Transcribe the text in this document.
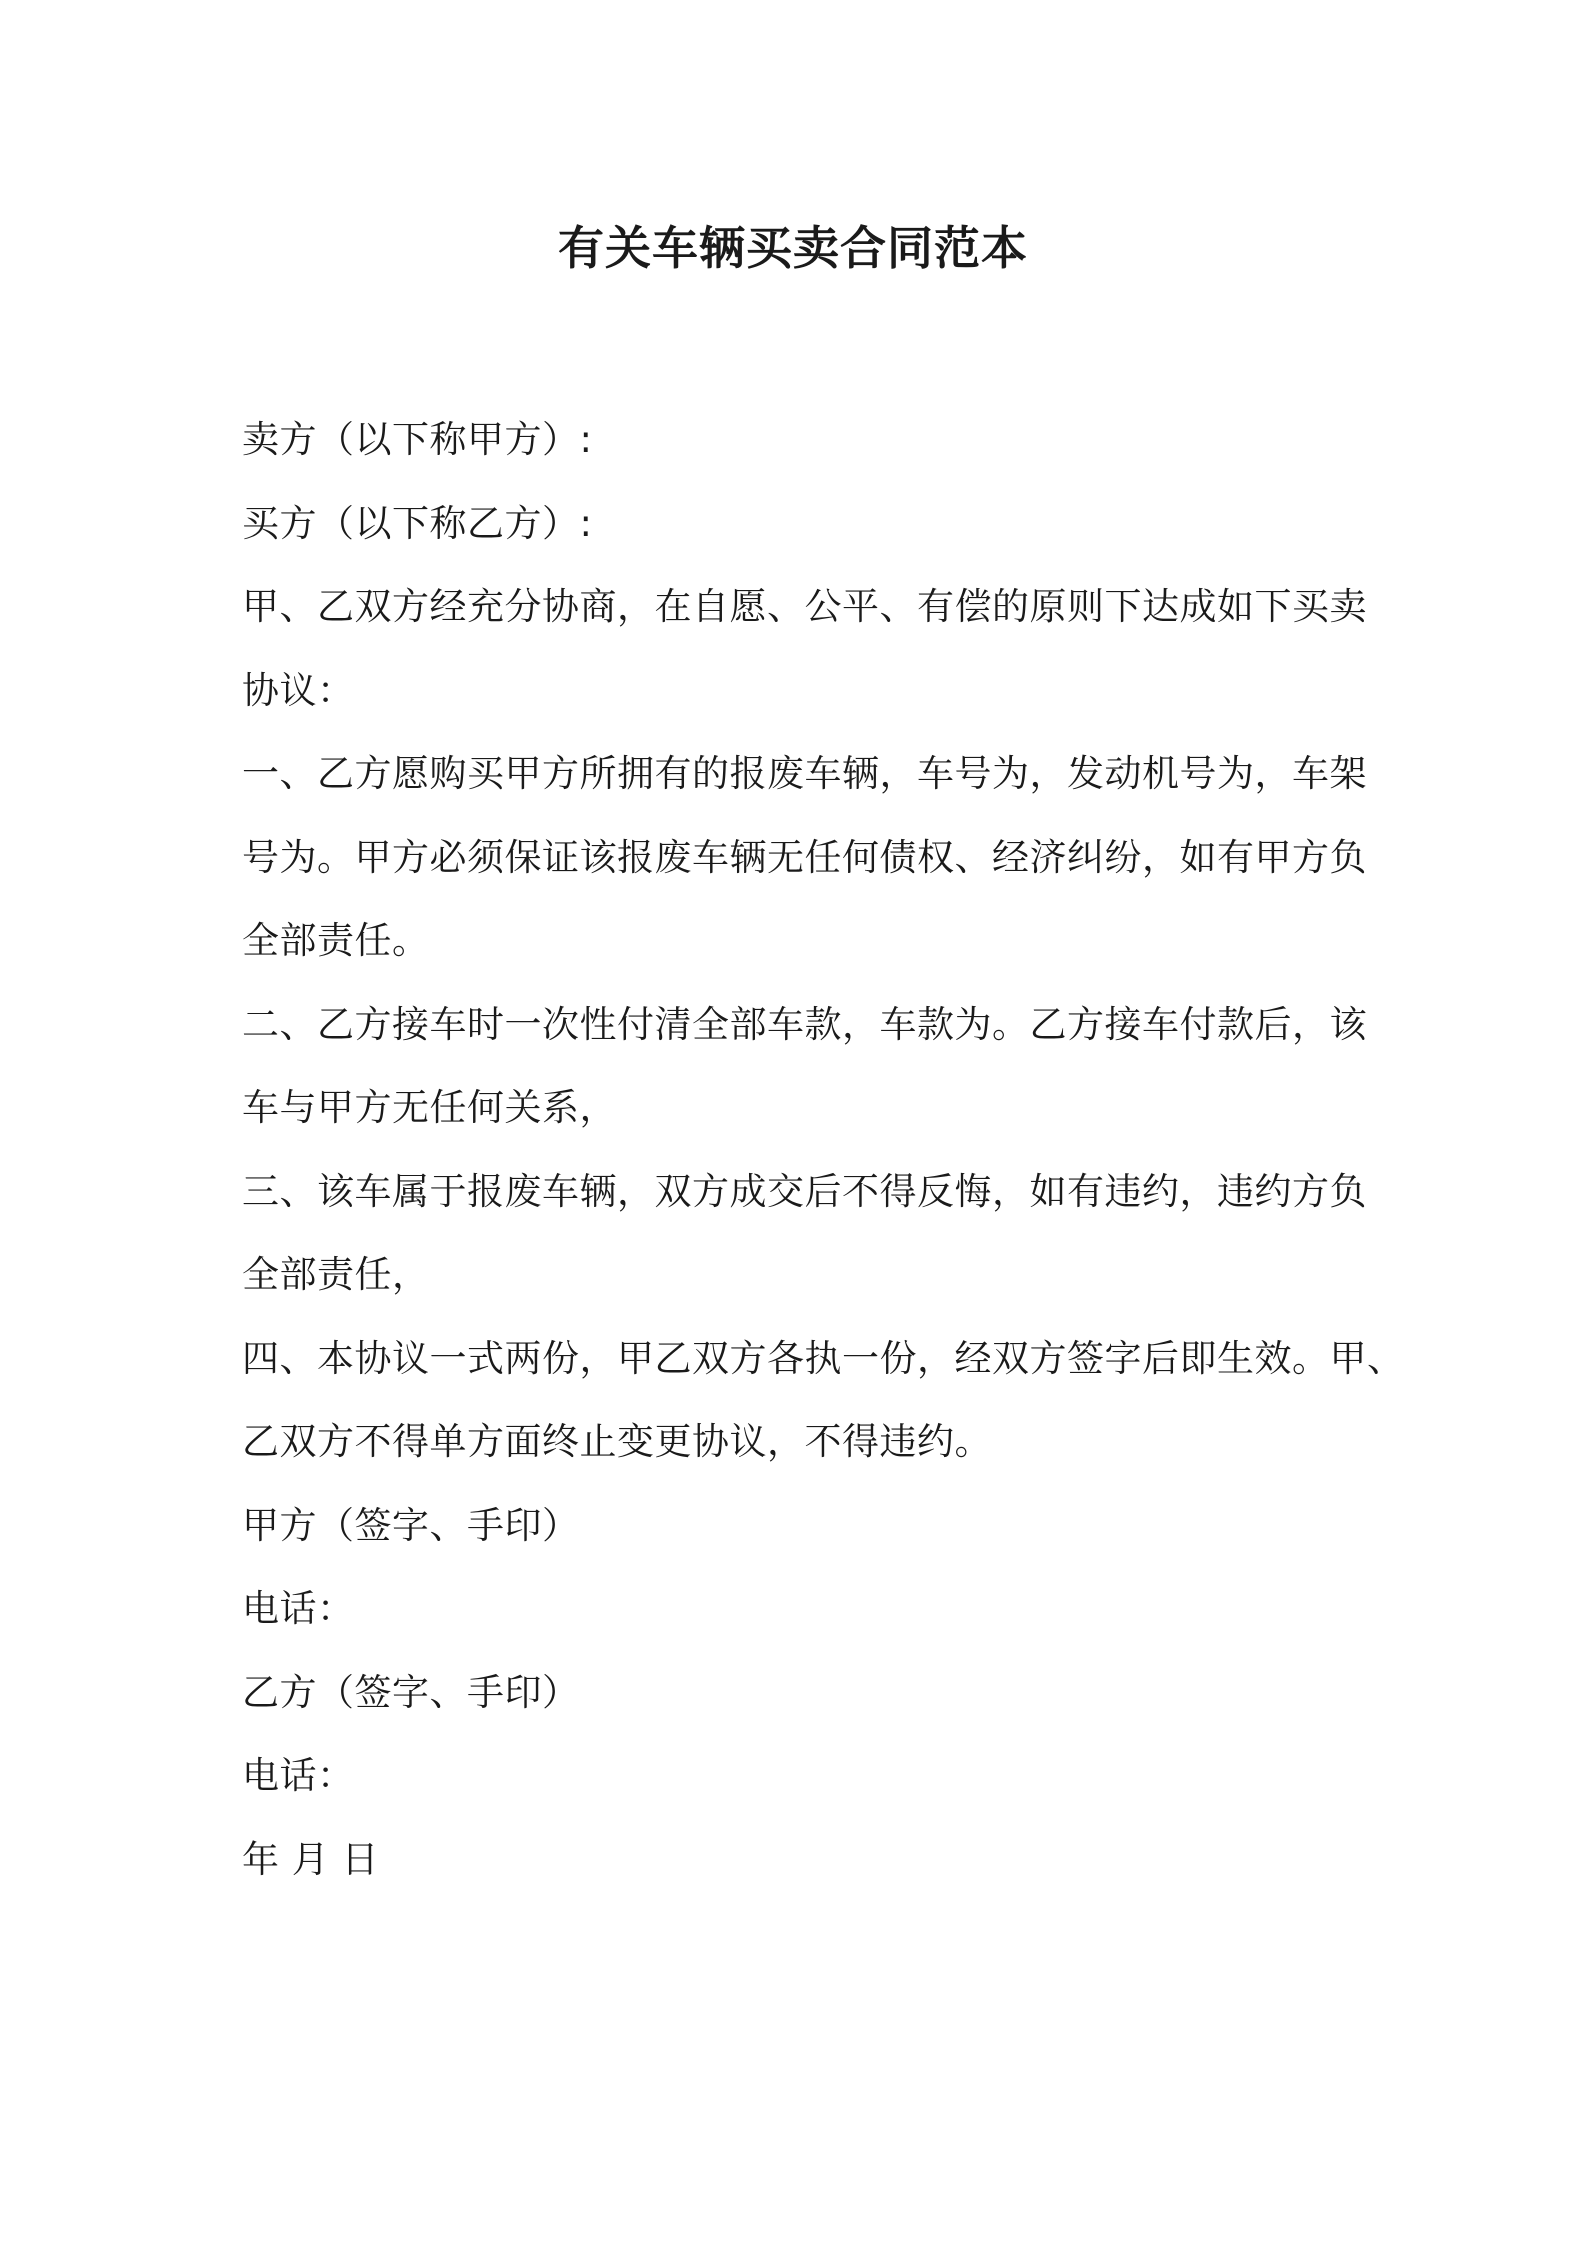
有关车辆买卖合同范本

卖方（以下称甲方）:

买方（以下称乙方）:

甲、乙双方经充分协商，在自愿、公平、有偿的原则下达成如下买卖

协议：

一、乙方愿购买甲方所拥有的报废车辆，车号为，发动机号为，车架

号为。甲方必须保证该报废车辆无任何债权、经济纠纷，如有甲方负

全部责任。

二、乙方接车时一次性付清全部车款，车款为。乙方接车付款后，该

车与甲方无任何关系，

三、该车属于报废车辆，双方成交后不得反悔，如有违约，违约方负

全部责任，

四、本协议一式两份，甲乙双方各执一份，经双方签字后即生效。甲、

乙双方不得单方面终止变更协议，不得违约。

甲方（签字、手印）

电话：

乙方（签字、手印）

电话：

年 月 日
